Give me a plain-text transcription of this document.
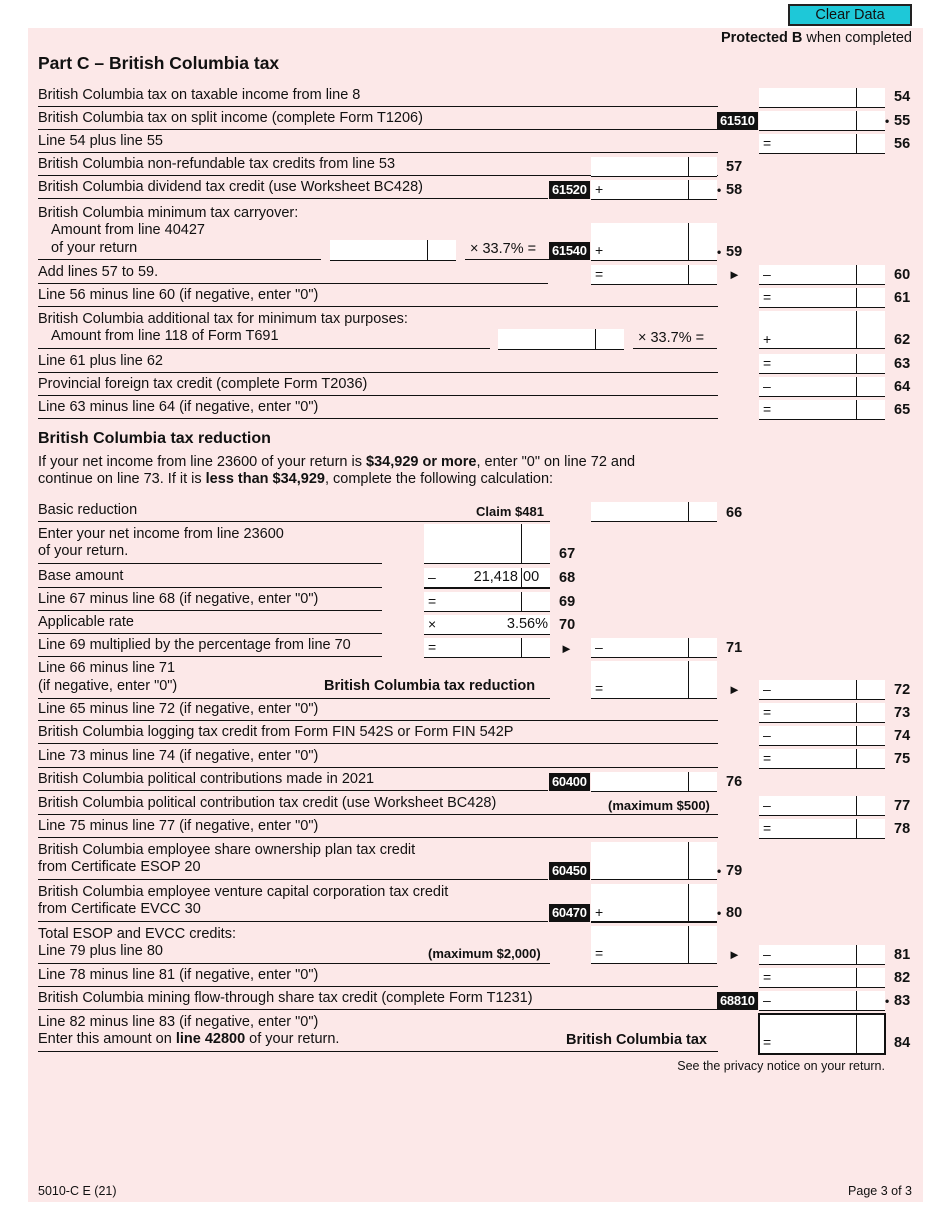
Clear Data
Protected B when completed
Part C – British Columbia tax
British Columbia tax on taxable income from line 8	54
British Columbia tax on split income (complete Form T1206)	61510	• 55
Line 54 plus line 55	=	56
British Columbia non-refundable tax credits from line 53	57
British Columbia dividend tax credit (use Worksheet BC428)	61520 +	• 58
British Columbia minimum tax carryover:
Amount from line 40427
of your return	× 33.7% = 61540 +	• 59
Add lines 57 to 59.	=	► –	60
Line 56 minus line 60 (if negative, enter "0")	=	61
British Columbia additional tax for minimum tax purposes:
Amount from line 118 of Form T691	× 33.7% =	+	62
Line 61 plus line 62	=	63
Provincial foreign tax credit (complete Form T2036)	–	64
Line 63 minus line 64 (if negative, enter "0")	=	65
British Columbia tax reduction
If your net income from line 23600 of your return is $34,929 or more, enter "0" on line 72 and
continue on line 73. If it is less than $34,929, complete the following calculation:
Basic reduction	Claim $481	66
Enter your net income from line 23600
of your return.	67
Base amount	–	21,418 00 68
Line 67 minus line 68 (if negative, enter "0")	=	69
Applicable rate	×	3.56% 70
Line 69 multiplied by the percentage from line 70	=	► –	71
Line 66 minus line 71
(if negative, enter "0")	British Columbia tax reduction	=	► –	72
Line 65 minus line 72 (if negative, enter "0")	=	73
British Columbia logging tax credit from Form FIN 542S or Form FIN 542P	–	74
Line 73 minus line 74 (if negative, enter "0")	=	75
British Columbia political contributions made in 2021	60400	76
British Columbia political contribution tax credit (use Worksheet BC428)	(maximum $500)	–	77
Line 75 minus line 77 (if negative, enter "0")	=	78
British Columbia employee share ownership plan tax credit
from Certificate ESOP 20	60450	• 79
British Columbia employee venture capital corporation tax credit
from Certificate EVCC 30	60470 +	• 80
Total ESOP and EVCC credits:
Line 79 plus line 80	(maximum $2,000)	=	► –	81
Line 78 minus line 81 (if negative, enter "0")	=	82
British Columbia mining flow-through share tax credit (complete Form T1231)	68810 –	• 83
Line 82 minus line 83 (if negative, enter "0")
Enter this amount on line 42800 of your return.	British Columbia tax	=	84
See the privacy notice on your return.
5010-C E (21)	Page 3 of 3
